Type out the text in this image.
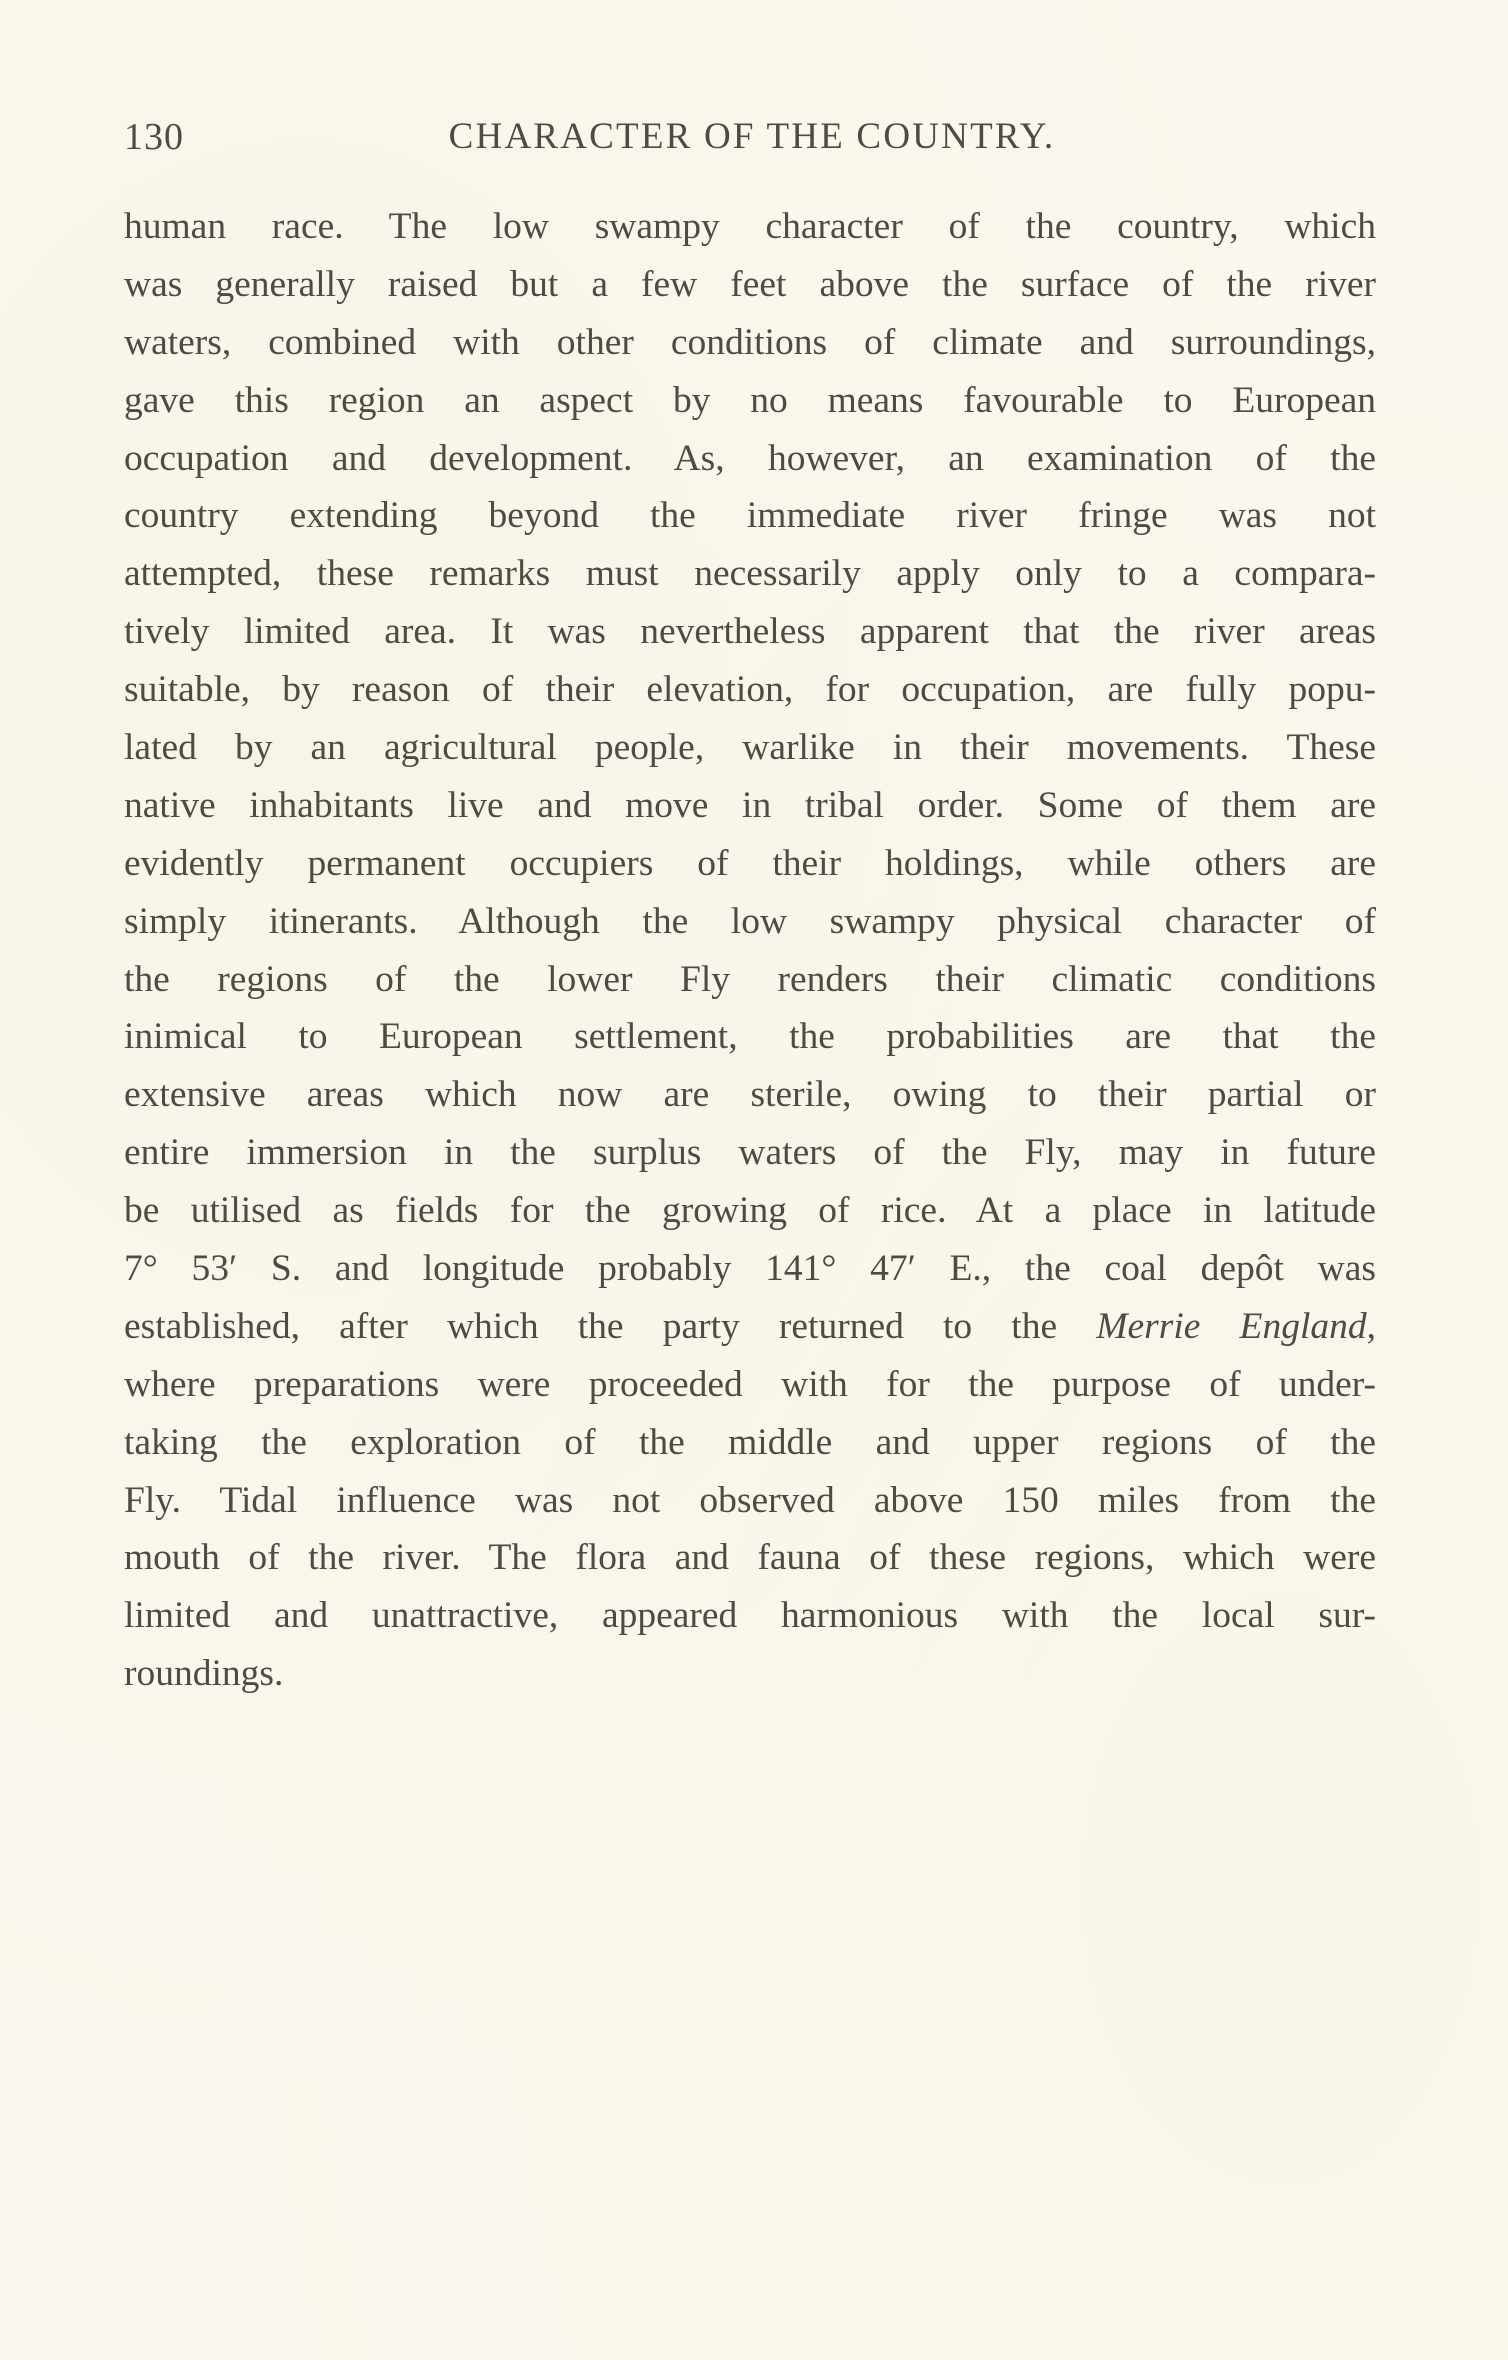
130	CHARACTER OF THE COUNTRY.
human race. The low swampy character of the country, which
was generally raised but a few feet above the surface of the river
waters, combined with other conditions of climate and surroundings,
gave this region an aspect by no means favourable to European
occupation and development. As, however, an examination of the
country extending beyond the immediate river fringe was not
attempted, these remarks must necessarily apply only to a compara-
tively limited area. It was nevertheless apparent that the river areas
suitable, by reason of their elevation, for occupation, are fully popu-
lated by an agricultural people, warlike in their movements. These
native inhabitants live and move in tribal order. Some of them are
evidently permanent occupiers of their holdings, while others are
simply itinerants. Although the low swampy physical character of
the regions of the lower Fly renders their climatic conditions
inimical to European settlement, the probabilities are that the
extensive areas which now are sterile, owing to their partial or
entire immersion in the surplus waters of the Fly, may in future
be utilised as fields for the growing of rice. At a place in latitude
7° 53′ S. and longitude probably 141° 47′ E., the coal depôt was
established, after which the party returned to the Merrie England,
where preparations were proceeded with for the purpose of under-
taking the exploration of the middle and upper regions of the
Fly. Tidal influence was not observed above 150 miles from the
mouth of the river. The flora and fauna of these regions, which were
limited and unattractive, appeared harmonious with the local sur-
roundings.
